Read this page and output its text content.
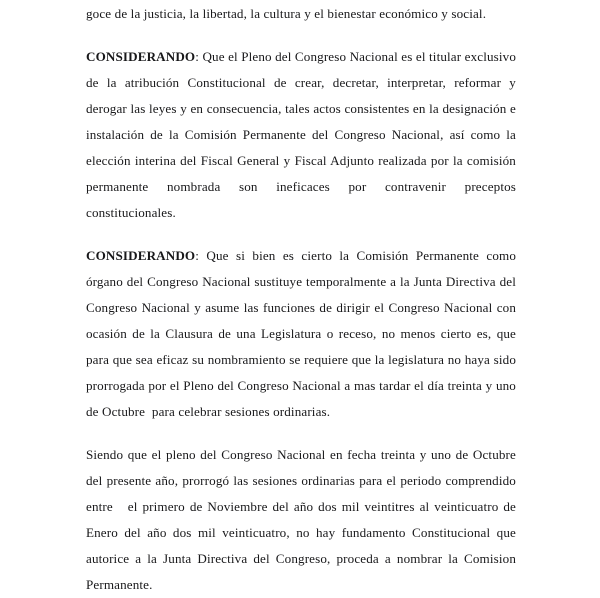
goce de la justicia, la libertad, la cultura y el bienestar económico y social.

CONSIDERANDO: Que el Pleno del Congreso Nacional es el titular exclusivo de la atribución Constitucional de crear, decretar, interpretar, reformar y derogar las leyes y en consecuencia, tales actos consistentes en la designación e instalación de la Comisión Permanente del Congreso Nacional, así como la elección interina del Fiscal General y Fiscal Adjunto realizada por la comisión permanente nombrada son ineficaces por contravenir preceptos constitucionales.

CONSIDERANDO: Que si bien es cierto la Comisión Permanente como órgano del Congreso Nacional sustituye temporalmente a la Junta Directiva del Congreso Nacional y asume las funciones de dirigir el Congreso Nacional con ocasión de la Clausura de una Legislatura o receso, no menos cierto es, que para que sea eficaz su nombramiento se requiere que la legislatura no haya sido prorrogada por el Pleno del Congreso Nacional a mas tardar el día treinta y uno de Octubre  para celebrar sesiones ordinarias.

Siendo que el pleno del Congreso Nacional en fecha treinta y uno de Octubre del presente año, prorrogó las sesiones ordinarias para el periodo comprendido entre   el primero de Noviembre del año dos mil veintitres al veinticuatro de Enero del año dos mil veinticuatro, no hay fundamento Constitucional que autorice a la Junta Directiva del Congreso, proceda a nombrar la Comision Permanente.
